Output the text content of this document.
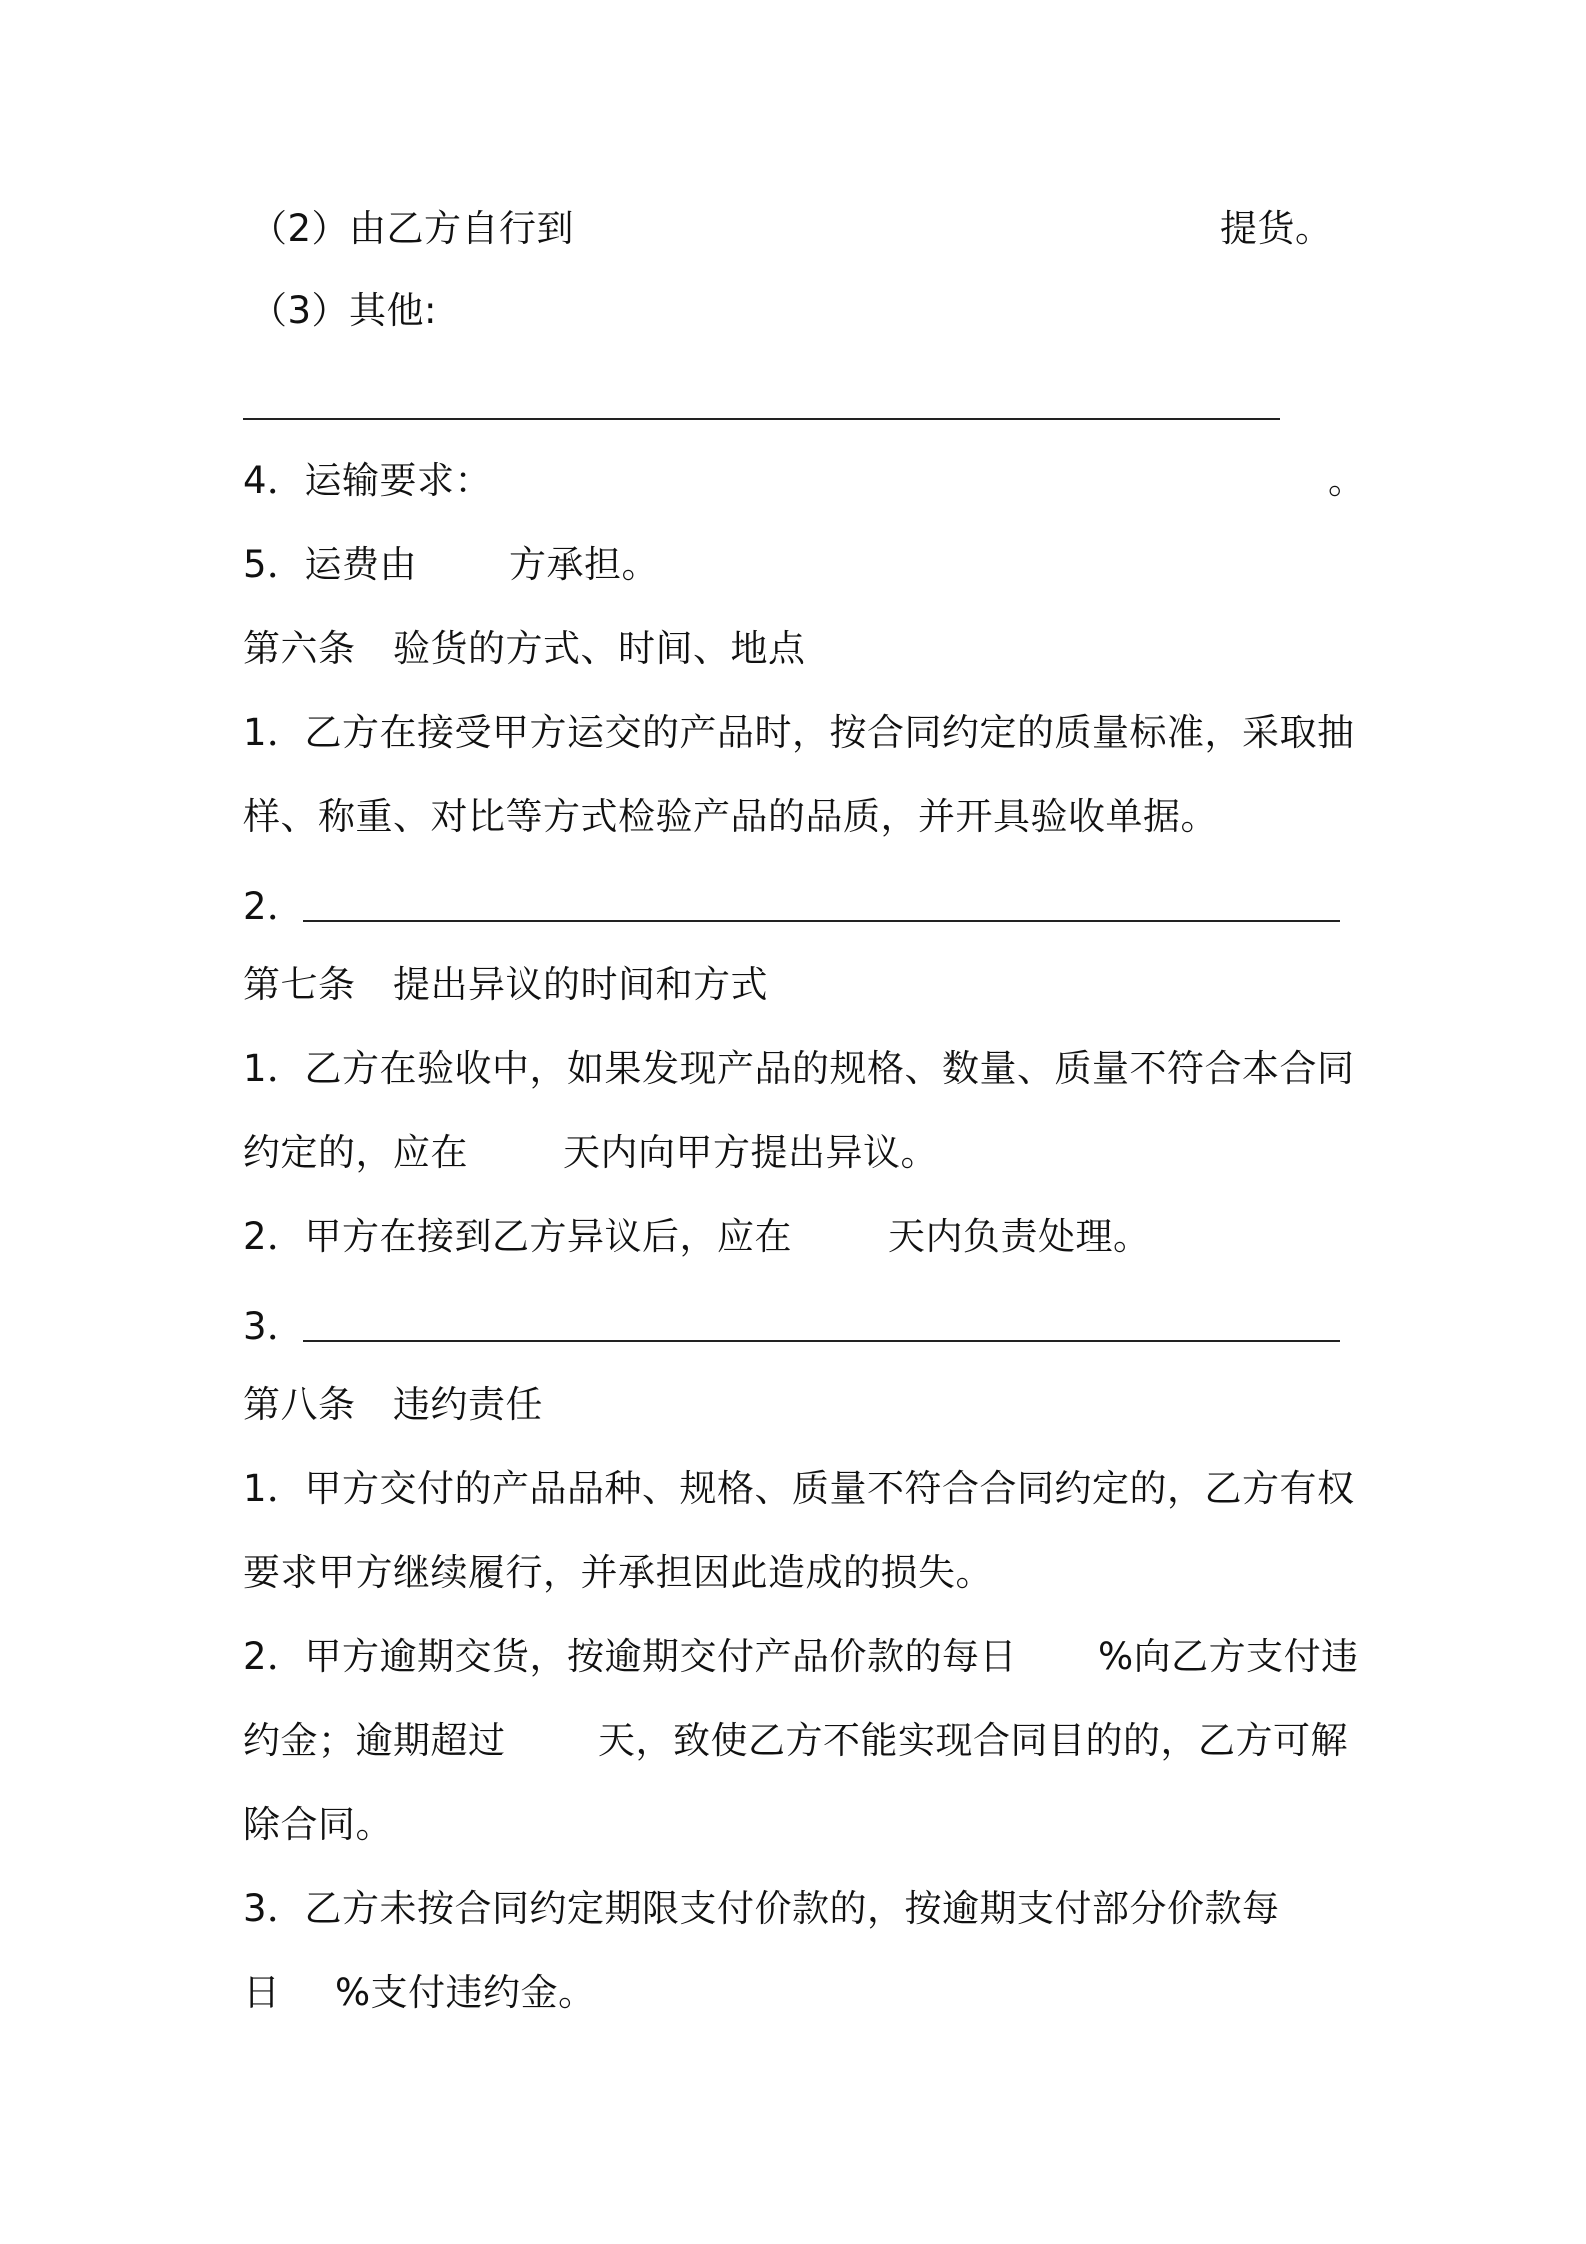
（2）由乙方自行到	提货。
（3）其他:
4．运输要求：	。
5．运费由 方承担。
第六条　验货的方式、时间、地点
1．乙方在接受甲方运交的产品时，按合同约定的质量标准，采取抽
样、称重、对比等方式检验产品的品质，并开具验收单据。
2．
第七条　提出异议的时间和方式
1．乙方在验收中，如果发现产品的规格、数量、质量不符合本合同
约定的，应在	天内向甲方提出异议。
2．甲方在接到乙方异议后，应在	天内负责处理。
3．
第八条　违约责任
1．甲方交付的产品品种、规格、质量不符合合同约定的，乙方有权
要求甲方继续履行，并承担因此造成的损失。
2．甲方逾期交货，按逾期交付产品价款的每日 %向乙方支付违
约金；逾期超过	天，致使乙方不能实现合同目的的，乙方可解
除合同。
3．乙方未按合同约定期限支付价款的，按逾期支付部分价款每
日 %支付违约金。
